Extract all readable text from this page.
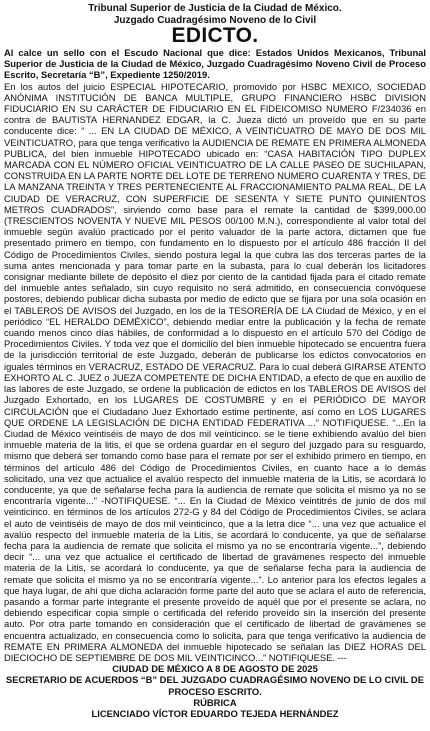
Tribunal Superior de Justicia de la Ciudad de México.
Juzgado Cuadragésimo Noveno de lo Civil
EDICTO.

Al calce un sello con el Escudo Nacional que dice: Estados Unidos Mexicanos, Tribunal Superior de Justicia de la Ciudad de México, Juzgado Cuadragésimo Noveno Civil de Proceso Escrito, Secretaría “B”, Expediente 1250/2019.

En los autos del juicio ESPECIAL HIPOTECARIO, promovido por HSBC MEXICO, SOCIEDAD ANÓNIMA INSTITUCIÓN DE BANCA MULTIPLE, GRUPO FINANCIERO HSBC DIVISION FIDUCIARIO EN SU CARÁCTER DE FIDUCIARIO EN EL FIDEICOMISO NUMERO F/234036 en contra de BAUTISTA HERNANDEZ EDGAR, la C. Jueza dictó un proveído que en su parte conducente dice: “ ... EN LA CIUDAD DE MÉXICO, A VEINTICUATRO DE MAYO DE DOS MIL VEINTICUATRO, para que tenga verificativo la AUDIENCIA DE REMATE EN PRIMERA ALMONEDA PUBLICA, del bien inmueble HIPOTECADO ubicado en: “CASA HABITACIÓN TIPO DUPLEX MARCADA CON EL NÚMERO OFICIAL VEINTICUATRO DE LA CALLE PASEO DE SUCHILAPAN, CONSTRUIDA EN LA PARTE NORTE DEL LOTE DE TERRENO NUMERO CUARENTA Y TRES, DE LA MANZANA TREINTA Y TRES PERTENECIENTE AL FRACCIONAMIENTO PALMA REAL, DE LA CIUDAD DE VERACRUZ, CON SUPERFICIE DE SESENTA Y SIETE PUNTO QUINIENTOS METROS CUADRADOS”, sirviendo como base para el remate la cantidad de $399,000.00 (TRESCIENTOS NOVENTA Y NUEVE MIL PESOS 00/100 M.N.), correspondiente al valor total del inmueble según avalúo practicado por el perito valuador de la parte actora, dictamen que fue presentado primero en tiempo, con fundamento en lo dispuesto por el artículo 486 fracción II del Código de Procedimientos Civiles, siendo postura legal la que cubra las dos terceras partes de la suma antes mencionada y para tomar parte en la subasta, para lo cual deberán los licitadores consignar mediante billete de depósito el diez por ciento de la cantidad fijada para el citado remate del inmueble antes señalado, sin cuyo requisito no será admitido, en consecuencia convóquese postores, debiendo publicar dicha subasta por medio de edicto que se fijara por una sola ocasión en el TABLEROS DE AVISOS del Juzgado, en los de la TESORERÍA DE LA Ciudad de México, y en el periódico “EL HERALDO DEMÉXICO”, debiendo mediar entre la publicación y la fecha de remate cuando menos cinco días hábiles, de conformidad a lo dispuesto en el artículo 570 del Código de Procedimientos Civiles. Y toda vez que el domicilio del bien inmueble hipotecado se encuentra fuera de la jurisdicción territorial de este Juzgado, deberán de publicarse los edictos convocatorios en iguales términos en VERACRUZ, ESTADO DE VERACRUZ. Para lo cual deberá GIRARSE ATENTO EXHORTO AL C. JUEZ o JUEZA COMPETENTE DE DICHA ENTIDAD, a efecto de que en auxilio de las labores de este Juzgado, se ordene la publicación de edictos en los TABLEROS DE AVISOS del Juzgado Exhortado, en los LUGARES DE COSTUMBRE y en el PERIÓDICO DE MAYOR CIRCULACIÓN que el Ciudadano Juez Exhortado estime pertinente, así como en LOS LUGARES QUE ORDENE LA LEGISLACIÓN DE DICHA ENTIDAD FEDERATIVA ...” NOTIFIQUESE. “...En la Ciudad de México veintiséis de mayo de dos mil veinticinco. se le tiene exhibiendo avalúo del bien inmueble materia de la litis, el que se ordena guardar en el seguro del juzgado para su resguardo, mismo que deberá ser tomando como base para el remate por ser el exhibido primero en tiempo, en términos del artículo 486 del Código de Procedimientos Civiles, en cuanto hace a lo demás solicitado, una vez que actualice el avalúo respecto del inmueble materia de la Litis, se acordará lo conducente, ya que de señalarse fecha para la audiencia de remate que solicita el mismo ya no se encontraría vigente...” -NOTIFIQUESE. “... En la Ciudad de México veintitrés de junio de dos mil veinticinco. en términos de los artículos 272-G y 84 del Código de Procedimientos Civiles, se aclara el auto de veintiséis de mayo de dos mil veinticinco, que a la letra dice “... una vez que actualice el avalúo respecto del inmueble materia de la Litis, se acordará lo conducente, ya que de señalarse fecha para la audiencia de remate que solicita el mismo ya no se encontraría vigente...”, debiendo decir “... una vez que actualice el certificado de libertad de gravámenes respecto del inmueble materia de la Litis, se acordará lo conducente, ya que de señalarse fecha para la audiencia de remate que solicita el mismo ya no se encontraría vigente...”. Lo anterior para los efectos legales a que haya lugar, de ahí que dicha aclaración forme parte del auto que se aclara el auto de referencia, pasando a formar parte integrante el presente proveído de aquél que por el presente se aclara, no debiendo especificar copia simple o certificada del referido proveído sin la inserción del presente auto. Por otra parte tomando en consideración que el certificado de libertad de gravámenes se encuentra actualizado, en consecuencia como lo solicita, para que tenga verificativo la audiencia de REMATE EN PRIMERA ALMONEDA del inmueble hipotecado se señalan las DIEZ HORAS DEL DIECIOCHO DE SEPTIEMBRE DE DOS MIL VEINTICINCO...” NOTIFIQUESE. ---

CIUDAD DE MÉXICO A 8 DE AGOSTO DE 2025
SECRETARIO DE ACUERDOS “B” DEL JUZGADO CUADRAGÉSIMO NOVENO DE LO CIVIL DE PROCESO ESCRITO.
RÚBRICA
LICENCIADO VÍCTOR EDUARDO TEJEDA HERNÁNDEZ
